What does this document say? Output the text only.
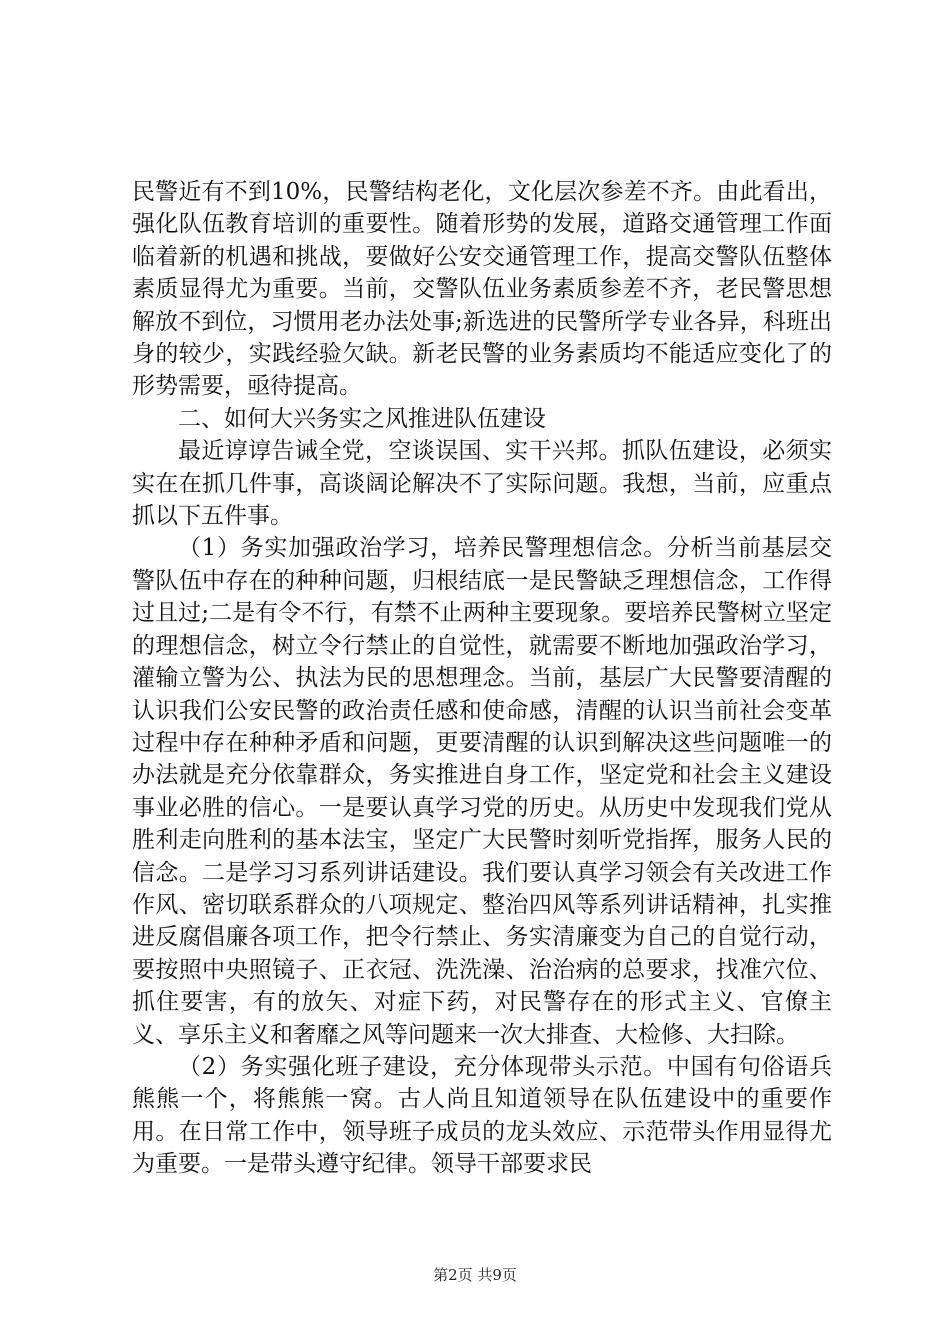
民警近有不到10%，民警结构老化，文化层次参差不齐。由此看出，强化队伍教育培训的重要性。随着形势的发展，道路交通管理工作面临着新的机遇和挑战，要做好公安交通管理工作，提高交警队伍整体素质显得尤为重要。当前，交警队伍业务素质参差不齐，老民警思想解放不到位，习惯用老办法处事;新选进的民警所学专业各异，科班出身的较少，实践经验欠缺。新老民警的业务素质均不能适应变化了的形势需要，亟待提高。

二、如何大兴务实之风推进队伍建设

最近谆谆告诫全党，空谈误国、实干兴邦。抓队伍建设，必须实实在在抓几件事，高谈阔论解决不了实际问题。我想，当前，应重点抓以下五件事。

（1）务实加强政治学习，培养民警理想信念。分析当前基层交警队伍中存在的种种问题，归根结底一是民警缺乏理想信念，工作得过且过;二是有令不行，有禁不止两种主要现象。要培养民警树立坚定的理想信念，树立令行禁止的自觉性，就需要不断地加强政治学习，灌输立警为公、执法为民的思想理念。当前，基层广大民警要清醒的认识我们公安民警的政治责任感和使命感，清醒的认识当前社会变革过程中存在种种矛盾和问题，更要清醒的认识到解决这些问题唯一的办法就是充分依靠群众，务实推进自身工作，坚定党和社会主义建设事业必胜的信心。一是要认真学习党的历史。从历史中发现我们党从胜利走向胜利的基本法宝，坚定广大民警时刻听党指挥，服务人民的信念。二是学习习系列讲话建设。我们要认真学习领会有关改进工作作风、密切联系群众的八项规定、整治四风等系列讲话精神，扎实推进反腐倡廉各项工作，把令行禁止、务实清廉变为自己的自觉行动，要按照中央照镜子、正衣冠、洗洗澡、治治病的总要求，找准穴位、抓住要害，有的放矢、对症下药，对民警存在的形式主义、官僚主义、享乐主义和奢靡之风等问题来一次大排查、大检修、大扫除。

（2）务实强化班子建设，充分体现带头示范。中国有句俗语兵熊熊一个，将熊熊一窝。古人尚且知道领导在队伍建设中的重要作用。在日常工作中，领导班子成员的龙头效应、示范带头作用显得尤为重要。一是带头遵守纪律。领导干部要求民

第2页 共9页
